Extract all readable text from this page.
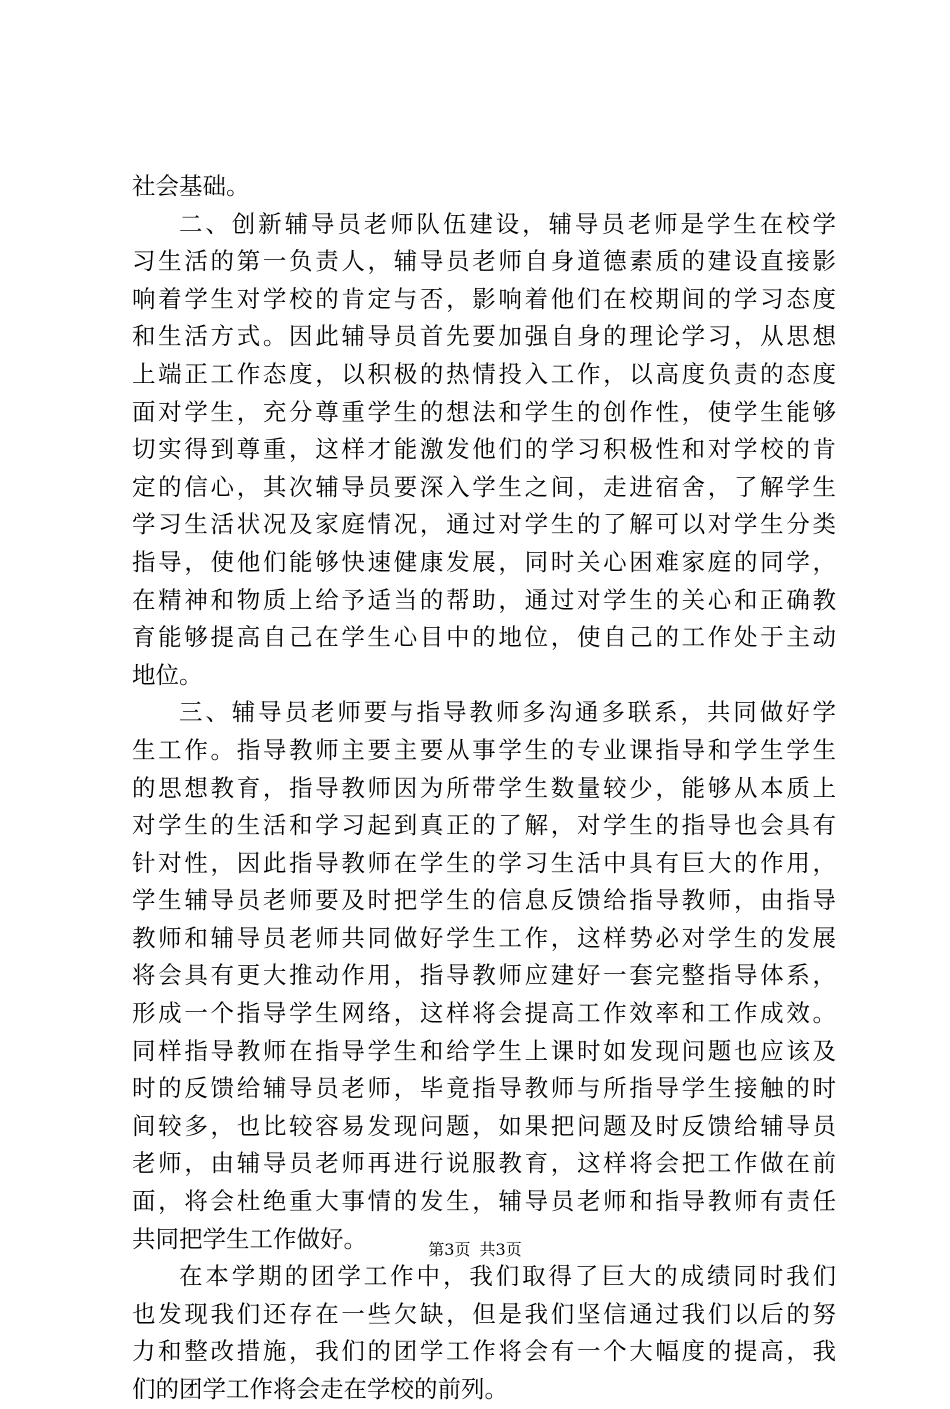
社会基础。
二、创新辅导员老师队伍建设，辅导员老师是学生在校学
习生活的第一负责人，辅导员老师自身道德素质的建设直接影
响着学生对学校的肯定与否，影响着他们在校期间的学习态度
和生活方式。因此辅导员首先要加强自身的理论学习，从思想
上端正工作态度，以积极的热情投入工作，以高度负责的态度
面对学生，充分尊重学生的想法和学生的创作性，使学生能够
切实得到尊重，这样才能激发他们的学习积极性和对学校的肯
定的信心，其次辅导员要深入学生之间，走进宿舍，了解学生
学习生活状况及家庭情况，通过对学生的了解可以对学生分类
指导，使他们能够快速健康发展，同时关心困难家庭的同学，
在精神和物质上给予适当的帮助，通过对学生的关心和正确教
育能够提高自己在学生心目中的地位，使自己的工作处于主动
地位。
三、辅导员老师要与指导教师多沟通多联系，共同做好学
生工作。指导教师主要主要从事学生的专业课指导和学生学生
的思想教育，指导教师因为所带学生数量较少，能够从本质上
对学生的生活和学习起到真正的了解，对学生的指导也会具有
针对性，因此指导教师在学生的学习生活中具有巨大的作用，
学生辅导员老师要及时把学生的信息反馈给指导教师，由指导
教师和辅导员老师共同做好学生工作，这样势必对学生的发展
将会具有更大推动作用，指导教师应建好一套完整指导体系，
形成一个指导学生网络，这样将会提高工作效率和工作成效。
同样指导教师在指导学生和给学生上课时如发现问题也应该及
时的反馈给辅导员老师，毕竟指导教师与所指导学生接触的时
间较多，也比较容易发现问题，如果把问题及时反馈给辅导员
老师，由辅导员老师再进行说服教育，这样将会把工作做在前
面，将会杜绝重大事情的发生，辅导员老师和指导教师有责任
共同把学生工作做好。
在本学期的团学工作中，我们取得了巨大的成绩同时我们
也发现我们还存在一些欠缺，但是我们坚信通过我们以后的努
力和整改措施，我们的团学工作将会有一个大幅度的提高，我
们的团学工作将会走在学校的前列。
第3页 共3页
